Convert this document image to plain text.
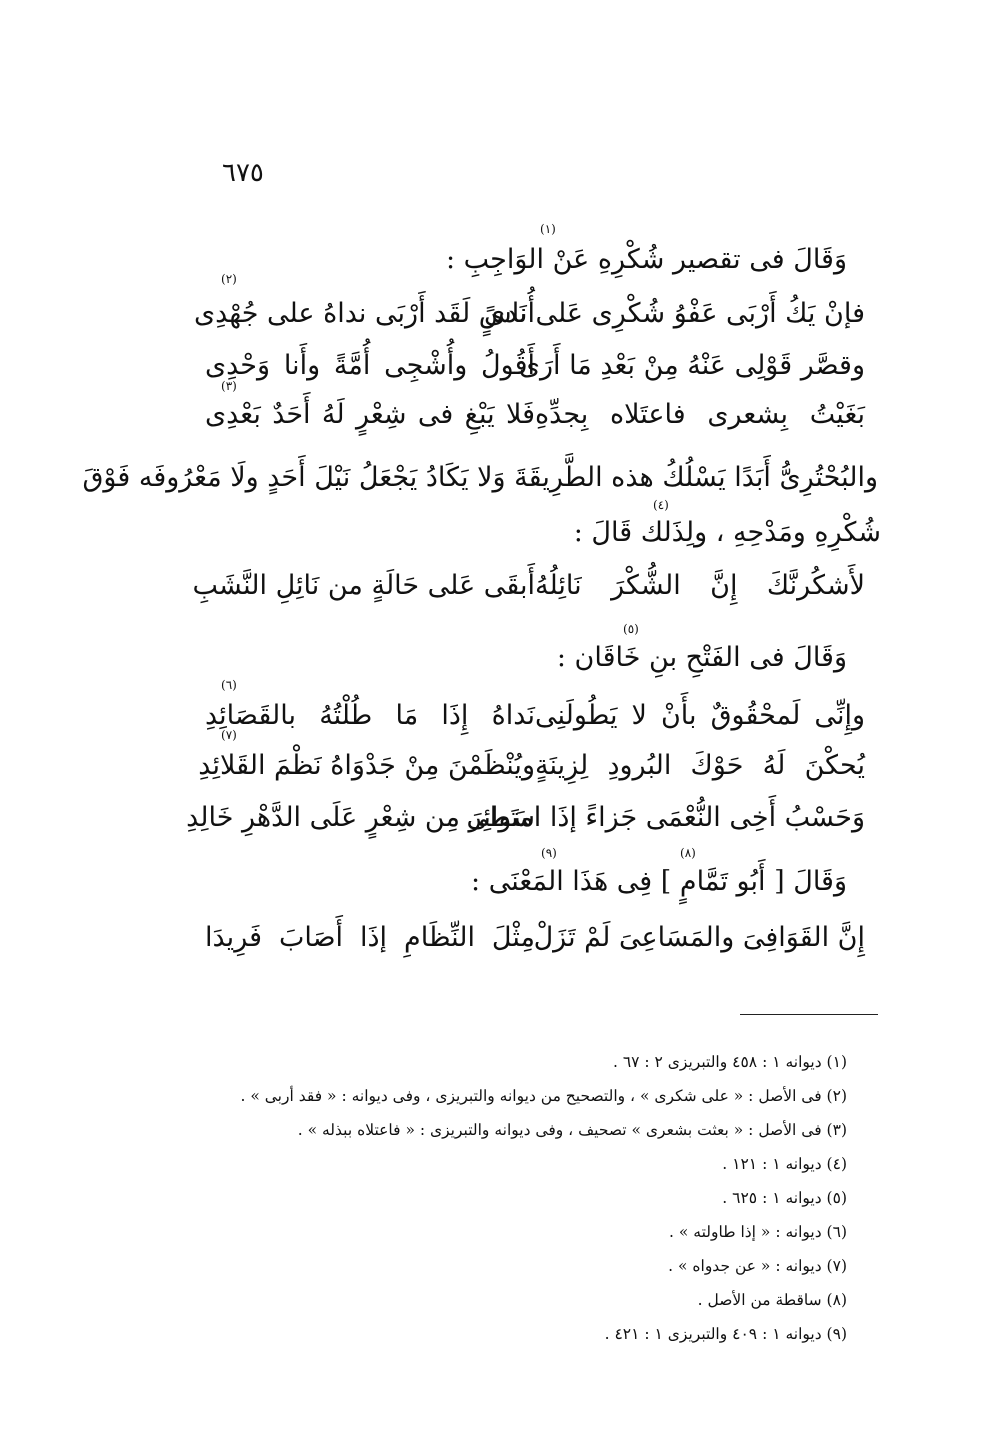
٦٧٥
وَقَالَ فى تقصير شُكْرِهِ عَنْ الوَاجِبِ :
(١)
فإنْ يَكُ أَرْبَى عَفْوُ شُكْرِى عَلى نَدىً
أُناسٍ لَقَد أَرْبَى نداهُ على جُهْدِى
(٢)
وقصَّر قَوْلِى عَنْهُ مِنْ بَعْدِ مَا أَرَى
أَقُولُ وأُشْجِى أُمَّةً وأَنا وَحْدِى
(٣)
بَغَيْتُ بِشعرى فاعتَلاه بِجدِّهِ
فَلا يَبْغِ فى شِعْرٍ لَهُ أَحَدٌ بَعْدِى
والبُحْتُرِىُّ أَبَدًا يَسْلُكُ هذه الطَّرِيقَةَ وَلا يَكَادُ يَجْعَلُ نَيْلَ أَحَدٍ ولَا مَعْرُوفَه فَوْقَ
(٤)
شُكْرِهِ ومَدْحِهِ ، ولِذَلك قَالَ :
لأَشكُرنَّكَ إِنَّ الشُّكْرَ نَائِلُهُ
أَبقَى عَلى حَالَةٍ من نَائِلِ النَّشَبِ
(٥)
وَقَالَ فى الفَتْحِ بنِ خَاقَان :
(٦)
وإِنِّى لَمحْقُوقٌ بأَنْ لا يَطُولَنِى
نَداهُ إِذَا مَا طُلْتُهُ بالقَصَائِدِ
(٧)
يُحكْنَ لَهُ حَوْكَ البُرودِ لِزِينَةٍ
ويُنْظَمْنَ مِنْ جَدْوَاهُ نَظْمَ القَلائِدِ
وَحَسْبُ أَخِى النُّعْمَى جَزاءً إذَا امتَطى
سَوائِرَ مِن شِعْرٍ عَلَى الدَّهْرِ خَالِدِ
(٨)
(٩)
وَقَالَ [ أَبُو تَمَّامٍ ] فِى هَذَا المَعْنَى :
إِنَّ القَوَافِىَ والمَسَاعِىَ لَمْ تَزَلْ
مِثْلَ النِّظَامِ إذَا أَصَابَ فَرِيدَا
(١) ديوانه ١ : ٤٥٨ والتبريزى ٢ : ٦٧ .
(٢) فى الأصل : « على شكرى » ، والتصحيح من ديوانه والتبريزى ، وفى ديوانه : « فقد أربى » .
(٣) فى الأصل : « بعثت بشعرى » تصحيف ، وفى ديوانه والتبريزى : « فاعتلاه ببذله » .
(٤) ديوانه ١ : ١٢١ .
(٥) ديوانه ١ : ٦٢٥ .
(٦) ديوانه : « إذا طاولته » .
(٧) ديوانه : « عن جدواه » .
(٨) ساقطة من الأصل .
(٩) ديوانه ١ : ٤٠٩ والتبريزى ١ : ٤٢١ .
